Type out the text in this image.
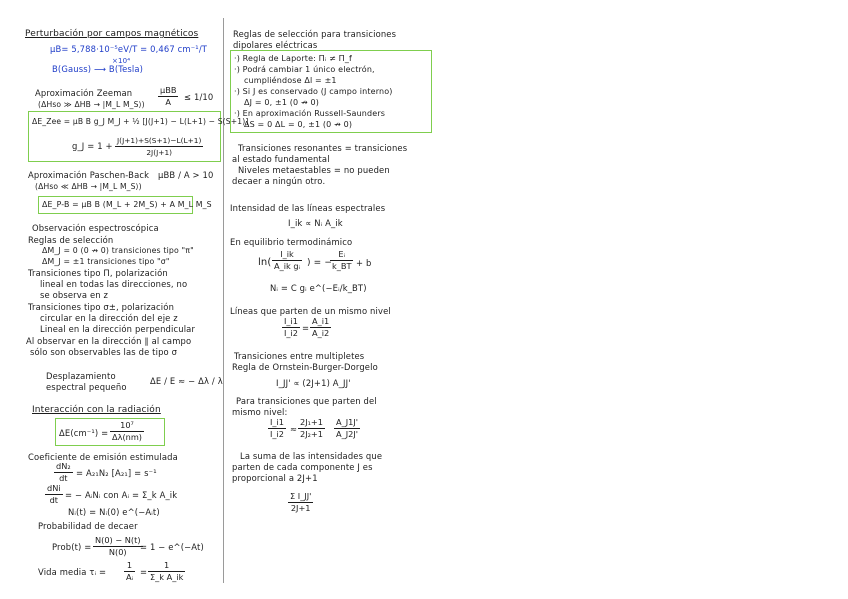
Perturbación por campos magnéticos
μB= 5,788·10⁻⁵eV/T = 0,467 cm⁻¹/T
×10⁴
B(Gauss) ⟶ B(Tesla)
Aproximación Zeeman
(ΔHso ≫ ΔHB → |M_L M_S⟩)
μBB
A ≤ 1/10
ΔE_Zee = μB B g_J M_J + ½ [J(J+1) − L(L+1) − S(S+1)]
g_J = 1 +
J(J+1)+S(S+1)−L(L+1)
2J(J+1)
Aproximación Paschen-Back μBB / A > 10
(ΔHso ≪ ΔHB → |M_L M_S⟩)
ΔE_P-B = μB B (M_L + 2M_S) + A M_L M_S
Observación espectroscópica
Reglas de selección
ΔM_J = 0 (0 ↛ 0) transiciones tipo "π"
ΔM_J = ±1 transiciones tipo "σ"
Transiciones tipo Π, polarización
lineal en todas las direcciones, no
se observa en z
Transiciones tipo σ±, polarización
circular en la dirección del eje z
Lineal en la dirección perpendicular
Al observar en la dirección ∥ al campo
sólo son observables las de tipo σ
Desplazamiento
espectral pequeño
ΔE / E ≈ − Δλ / λ
Interacción con la radiación
ΔE(cm⁻¹) =
10⁷
Δλ(nm)
Coeficiente de emisión estimulada
dN₂
dt = A₂₁N₂ [A₂₁] = s⁻¹
dNi
dt = − AᵢNᵢ con Aᵢ = Σ_k A_ik
Nᵢ(t) = Nᵢ(0) e^(−Aᵢt)
Probabilidad de decaer
Prob(t) =
N(0) − N(t)
N(0) = 1 − e^(−At)
Vida media τᵢ =
1
Aᵢ =
1
Σ_k A_ik
Reglas de selección para transiciones
dipolares eléctricas
·) Regla de Laporte: Πᵢ ≠ Π_f
·) Podrá cambiar 1 único electrón,
cumpliéndose Δl = ±1
·) Si J es conservado (J campo interno)
ΔJ = 0, ±1 (0 ↛ 0)
·) En aproximación Russell-Saunders
ΔS = 0 ΔL = 0, ±1 (0 ↛ 0)
Transiciones resonantes = transiciones
al estado fundamental
Niveles metaestables = no pueden
decaer a ningún otro.
Intensidad de las líneas espectrales
I_ik ∝ Nᵢ A_ik
En equilibrio termodinámico
ln(
I_ik
A_ik gᵢ ) = −
Eᵢ
k_BT + b
Nᵢ = C gᵢ e^(−Eᵢ/k_BT)
Líneas que parten de un mismo nivel
I_i1
I_i2 =
A_i1
A_i2
Transiciones entre multipletes
Regla de Ornstein-Burger-Dorgelo
I_JJ' ∝ (2J+1) A_JJ'
Para transiciones que parten del
mismo nivel:
I_i1
I_i2 ≈
2J₁+1
2J₂+1
A_J1J'
A_J2J'
La suma de las intensidades que
parten de cada componente J es
proporcional a 2J+1
Σ I_JJ'
2J+1
